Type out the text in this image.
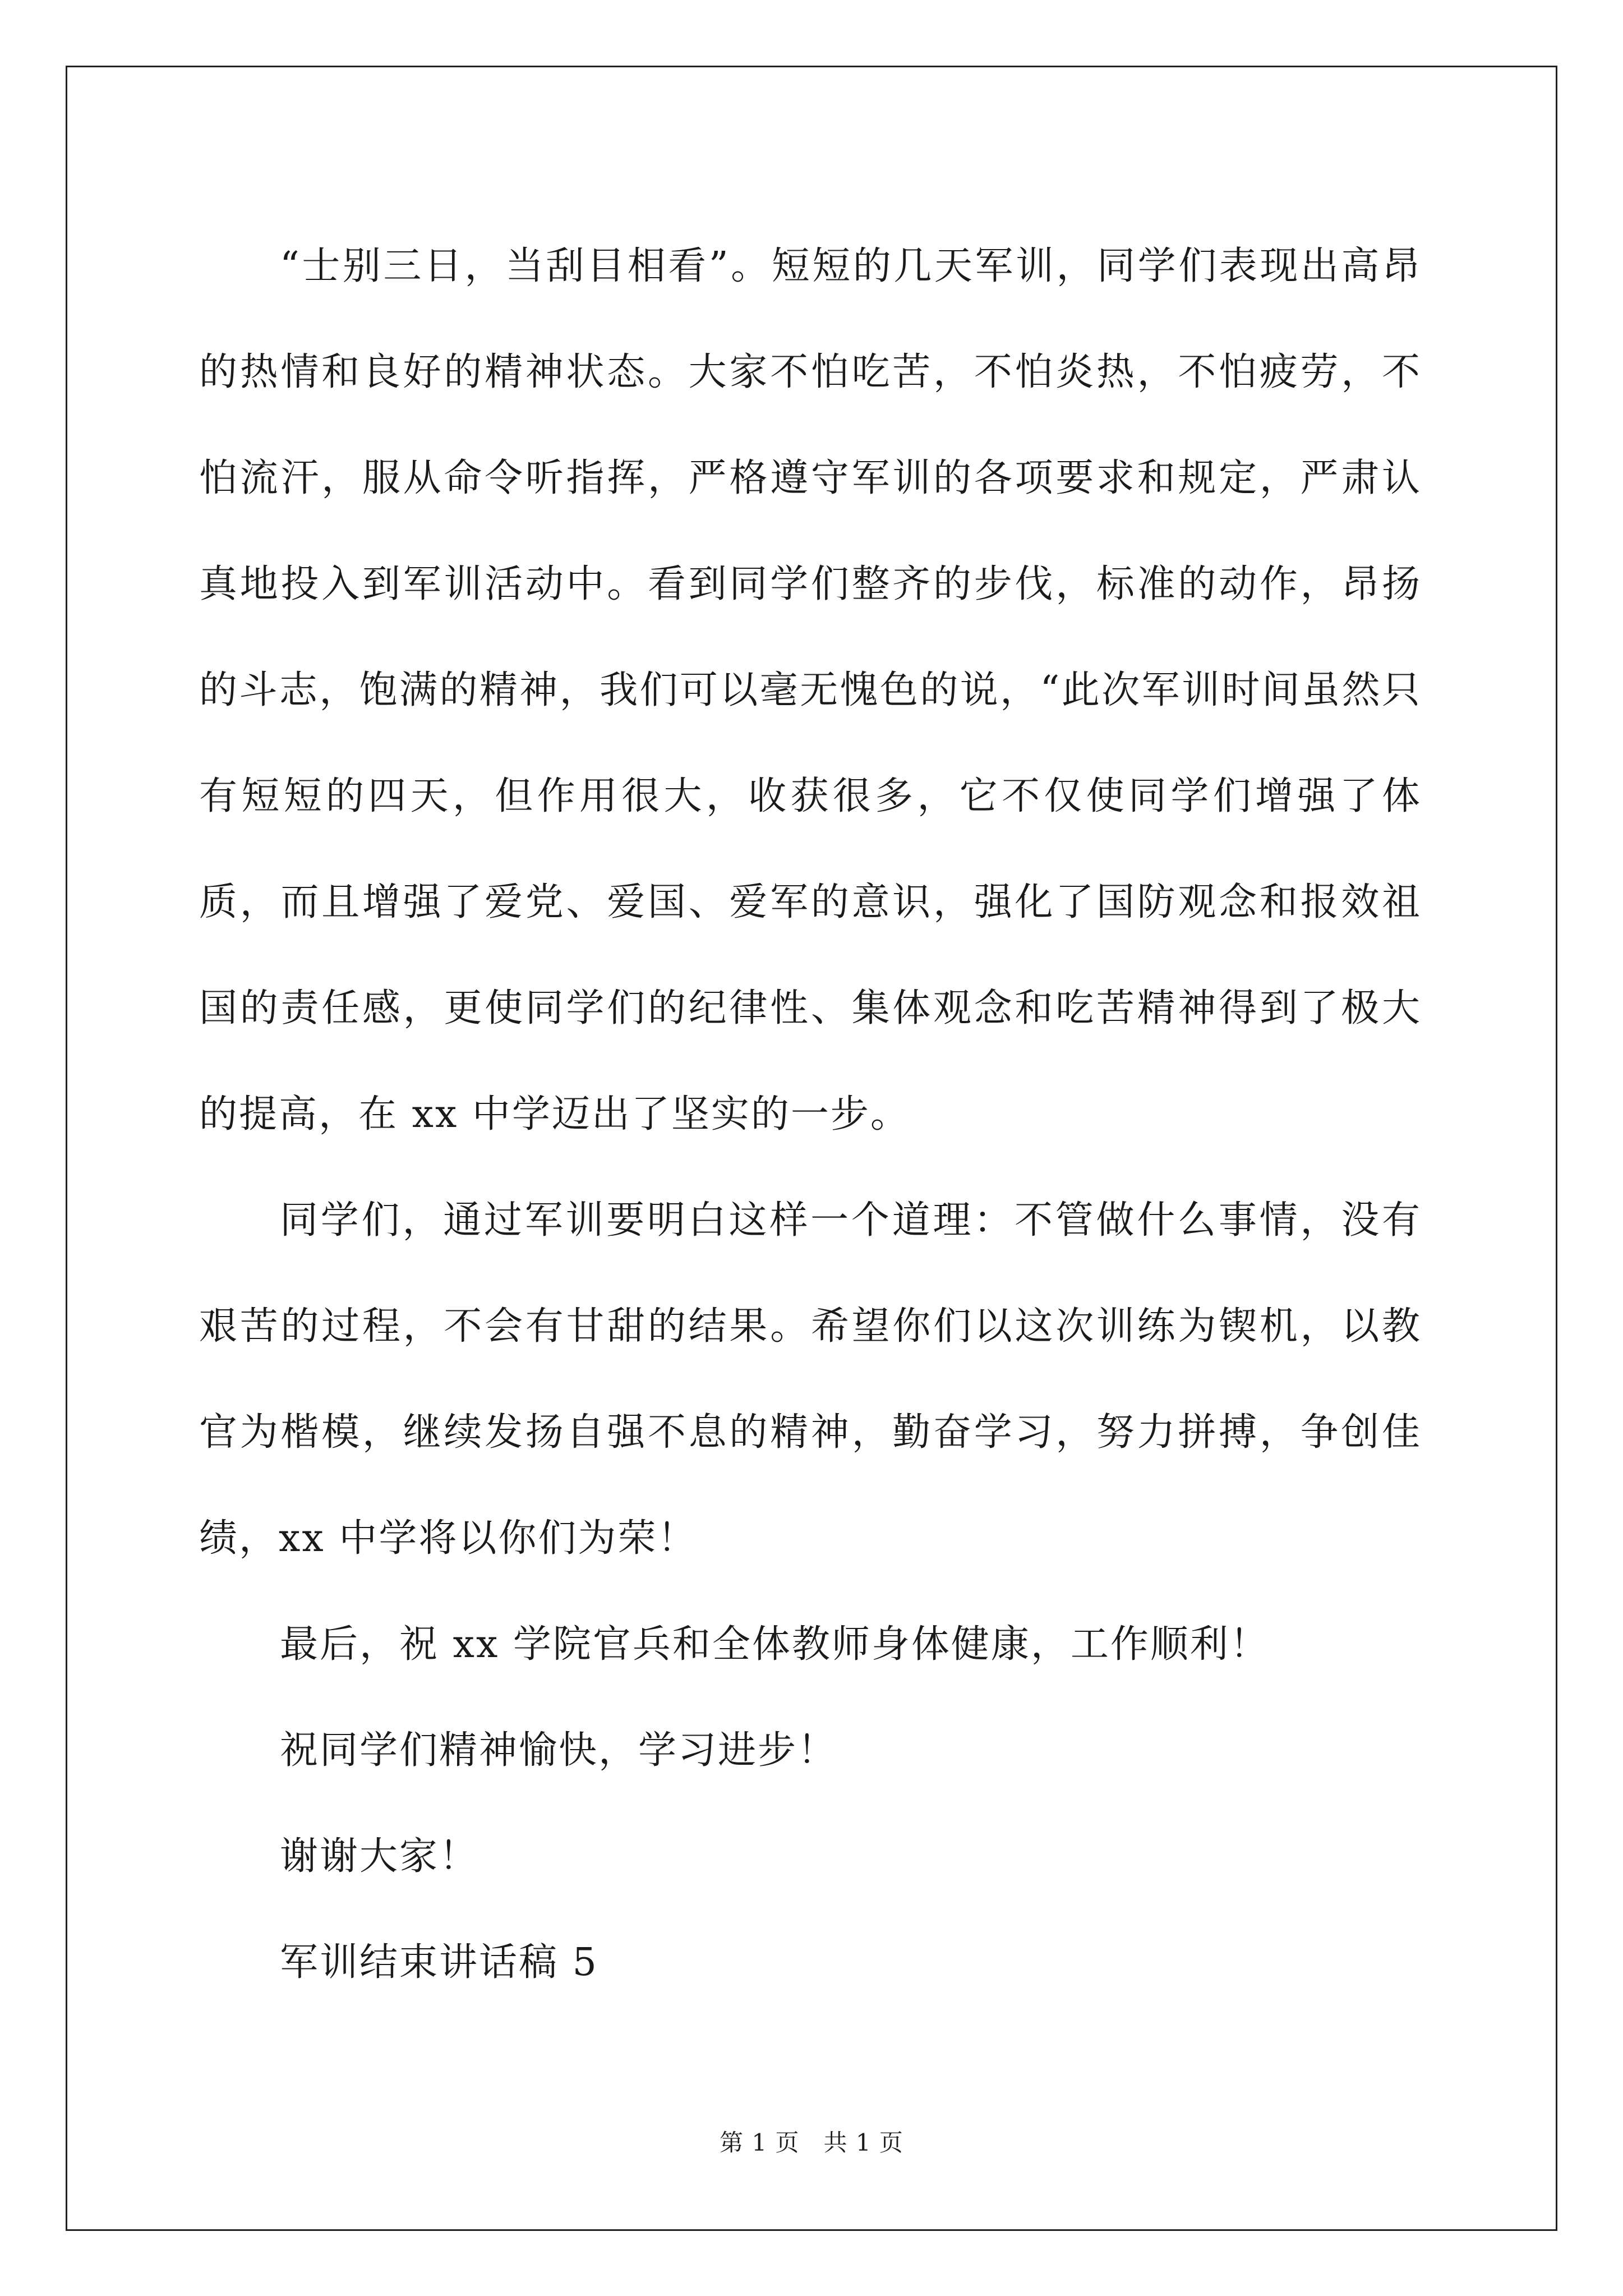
“士别三日，当刮目相看”。短短的几天军训，同学们表现出高昂的热情和良好的精神状态。大家不怕吃苦，不怕炎热，不怕疲劳，不怕流汗，服从命令听指挥，严格遵守军训的各项要求和规定，严肃认真地投入到军训活动中。看到同学们整齐的步伐，标准的动作，昂扬的斗志，饱满的精神，我们可以毫无愧色的说，“此次军训时间虽然只有短短的四天，但作用很大，收获很多，它不仅使同学们增强了体质，而且增强了爱党、爱国、爱军的意识，强化了国防观念和报效祖国的责任感，更使同学们的纪律性、集体观念和吃苦精神得到了极大的提高，在 xx 中学迈出了坚实的一步。

同学们，通过军训要明白这样一个道理：不管做什么事情，没有艰苦的过程，不会有甘甜的结果。希望你们以这次训练为锲机，以教官为楷模，继续发扬自强不息的精神，勤奋学习，努力拼搏，争创佳绩，xx 中学将以你们为荣！

最后，祝 xx 学院官兵和全体教师身体健康，工作顺利！

祝同学们精神愉快，学习进步！

谢谢大家！

军训结束讲话稿 5

第 1 页　共 1 页
